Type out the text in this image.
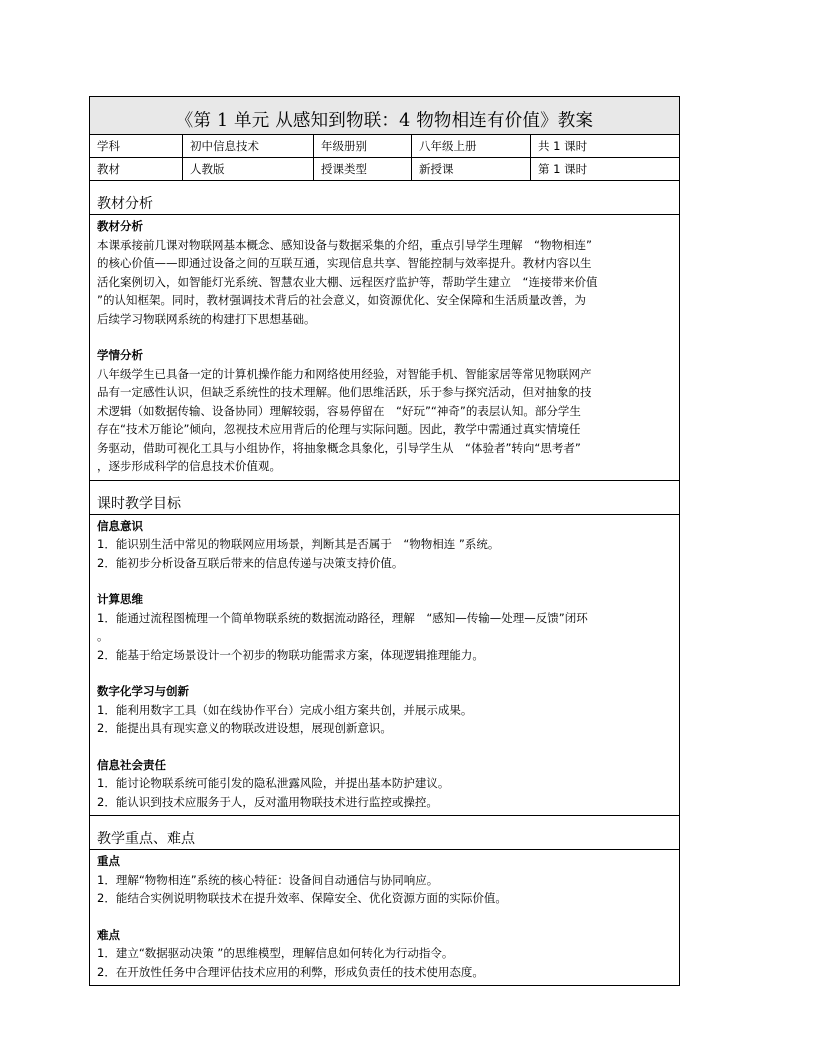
《第 1 单元 从感知到物联：4 物物相连有价值》教案
学科	初中信息技术	年级册别	八年级上册	共 1 课时
教材	人教版	授课类型	新授课	第 1 课时
教材分析
教材分析

本课承接前几课对物联网基本概念、感知设备与数据采集的介绍，重点引导学生理解　“物物相连”

的核心价值——即通过设备之间的互联互通，实现信息共享、智能控制与效率提升。教材内容以生

活化案例切入，如智能灯光系统、智慧农业大棚、远程医疗监护等，帮助学生建立　“连接带来价值

”的认知框架。同时，教材强调技术背后的社会意义，如资源优化、安全保障和生活质量改善，为

后续学习物联网系统的构建打下思想基础。

学情分析

八年级学生已具备一定的计算机操作能力和网络使用经验，对智能手机、智能家居等常见物联网产

品有一定感性认识，但缺乏系统性的技术理解。他们思维活跃，乐于参与探究活动，但对抽象的技

术逻辑（如数据传输、设备协同）理解较弱，容易停留在　“好玩”“神奇”的表层认知。部分学生

存在“技术万能论”倾向，忽视技术应用背后的伦理与实际问题。因此，教学中需通过真实情境任

务驱动，借助可视化工具与小组协作，将抽象概念具象化，引导学生从　“体验者”转向“思考者”

，逐步形成科学的信息技术价值观。

课时教学目标
信息意识

1．能识别生活中常见的物联网应用场景，判断其是否属于　“物物相连 ”系统。

2．能初步分析设备互联后带来的信息传递与决策支持价值。

计算思维

1．能通过流程图梳理一个简单物联系统的数据流动路径，理解　“感知—传输—处理—反馈”闭环

。

2．能基于给定场景设计一个初步的物联功能需求方案，体现逻辑推理能力。

数字化学习与创新

1．能利用数字工具（如在线协作平台）完成小组方案共创，并展示成果。

2．能提出具有现实意义的物联改进设想，展现创新意识。

信息社会责任

1．能讨论物联系统可能引发的隐私泄露风险，并提出基本防护建议。

2．能认识到技术应服务于人，反对滥用物联技术进行监控或操控。

教学重点、难点
重点

1．理解“物物相连”系统的核心特征：设备间自动通信与协同响应。

2．能结合实例说明物联技术在提升效率、保障安全、优化资源方面的实际价值。

难点

1．建立“数据驱动决策 ”的思维模型，理解信息如何转化为行动指令。

2．在开放性任务中合理评估技术应用的利弊，形成负责任的技术使用态度。
